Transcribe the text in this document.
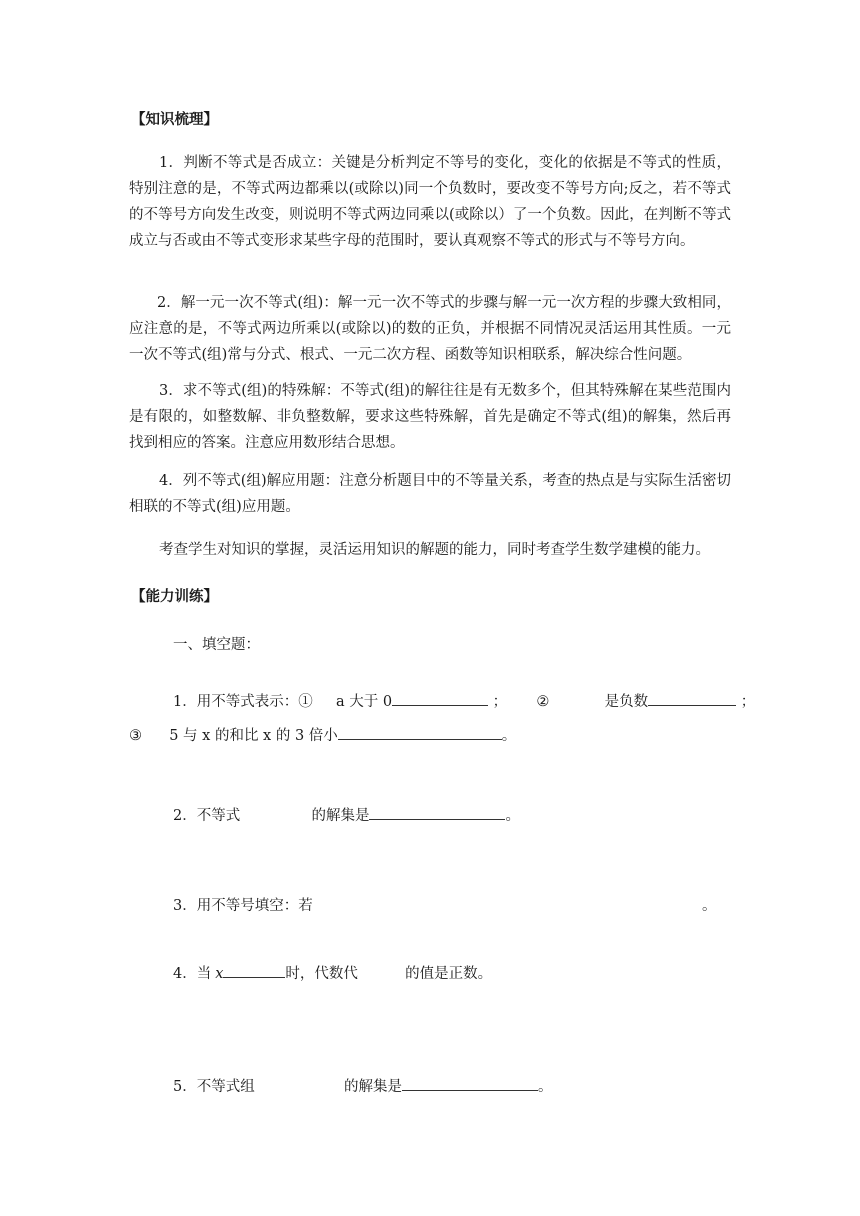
【知识梳理】

1．判断不等式是否成立：关键是分析判定不等号的变化，变化的依据是不等式的性质，特别注意的是，不等式两边都乘以(或除以)同一个负数时，要改变不等号方向;反之，若不等式的不等号方向发生改变，则说明不等式两边同乘以(或除以）了一个负数。因此，在判断不等式成立与否或由不等式变形求某些字母的范围时，要认真观察不等式的形式与不等号方向。

2．解一元一次不等式(组)：解一元一次不等式的步骤与解一元一次方程的步骤大致相同，应注意的是，不等式两边所乘以(或除以)的数的正负，并根据不同情况灵活运用其性质。一元一次不等式(组)常与分式、根式、一元二次方程、函数等知识相联系，解决综合性问题。

3．求不等式(组)的特殊解：不等式(组)的解往往是有无数多个，但其特殊解在某些范围内是有限的，如整数解、非负整数解，要求这些特殊解，首先是确定不等式(组)的解集，然后再找到相应的答案。注意应用数形结合思想。

4．列不等式(组)解应用题：注意分析题目中的不等量关系，考查的热点是与实际生活密切相联的不等式(组)应用题。

考查学生对知识的掌握，灵活运用知识的解题的能力，同时考查学生数学建模的能力。

【能力训练】
一、填空题：
1．用不等式表示：① a 大于 0	； ②	是负数	；
③ 5 与 x 的和比 x 的 3 倍小	。
2．不等式	的解集是	。
3．用不等号填空：若	。
4．当 x	时，代数代	的值是正数。
5．不等式组	的解集是	。
